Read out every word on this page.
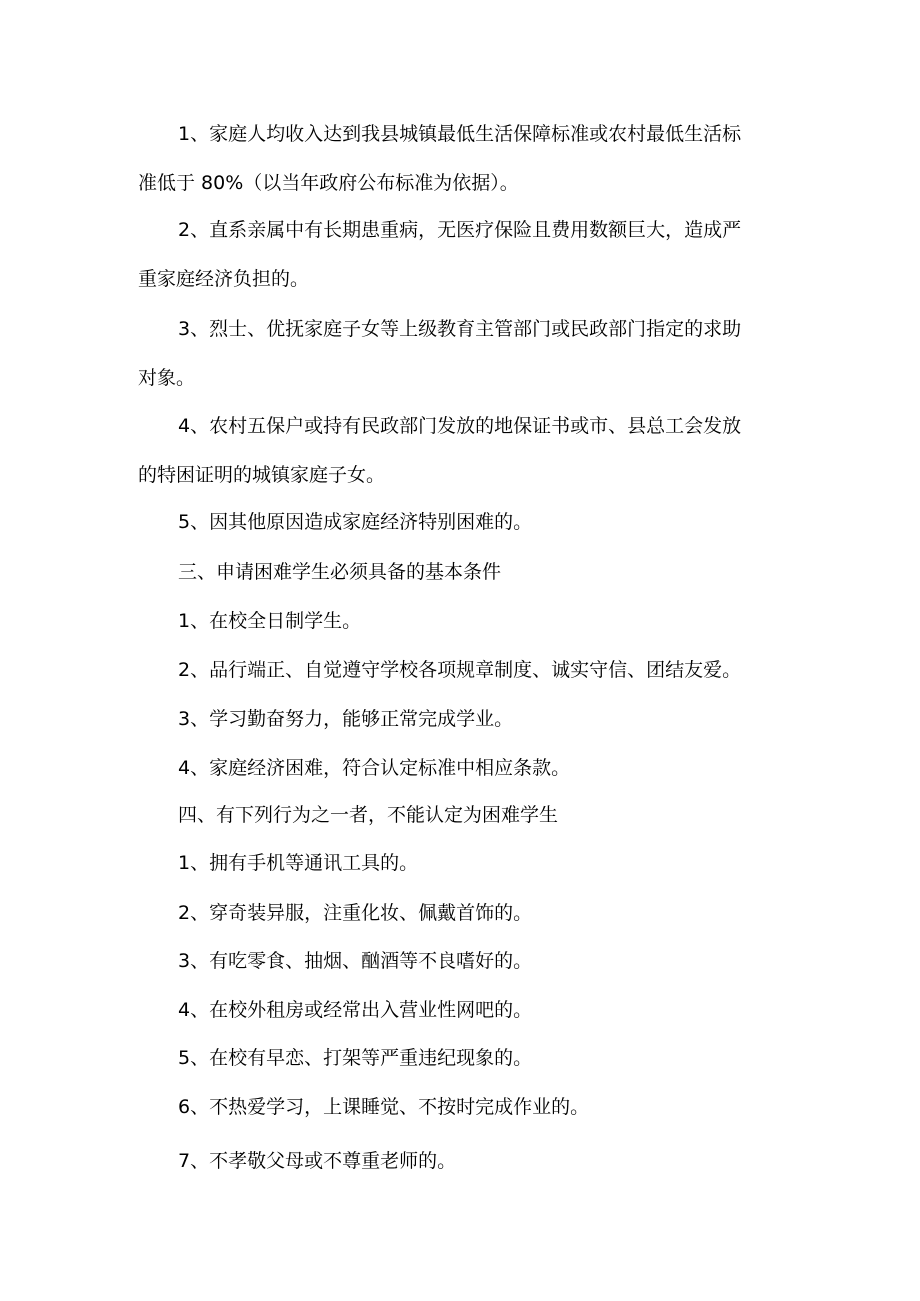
1、家庭人均收入达到我县城镇最低生活保障标准或农村最低生活标
准低于 80%（以当年政府公布标准为依据）。
2、直系亲属中有长期患重病，无医疗保险且费用数额巨大，造成严
重家庭经济负担的。
3、烈士、优抚家庭子女等上级教育主管部门或民政部门指定的求助
对象。
4、农村五保户或持有民政部门发放的地保证书或市、县总工会发放
的特困证明的城镇家庭子女。
5、因其他原因造成家庭经济特别困难的。
三、申请困难学生必须具备的基本条件
1、在校全日制学生。
2、品行端正、自觉遵守学校各项规章制度、诚实守信、团结友爱。
3、学习勤奋努力，能够正常完成学业。
4、家庭经济困难，符合认定标准中相应条款。
四、有下列行为之一者，不能认定为困难学生
1、拥有手机等通讯工具的。
2、穿奇装异服，注重化妆、佩戴首饰的。
3、有吃零食、抽烟、酗酒等不良嗜好的。
4、在校外租房或经常出入营业性网吧的。
5、在校有早恋、打架等严重违纪现象的。
6、不热爱学习，上课睡觉、不按时完成作业的。
7、不孝敬父母或不尊重老师的。
